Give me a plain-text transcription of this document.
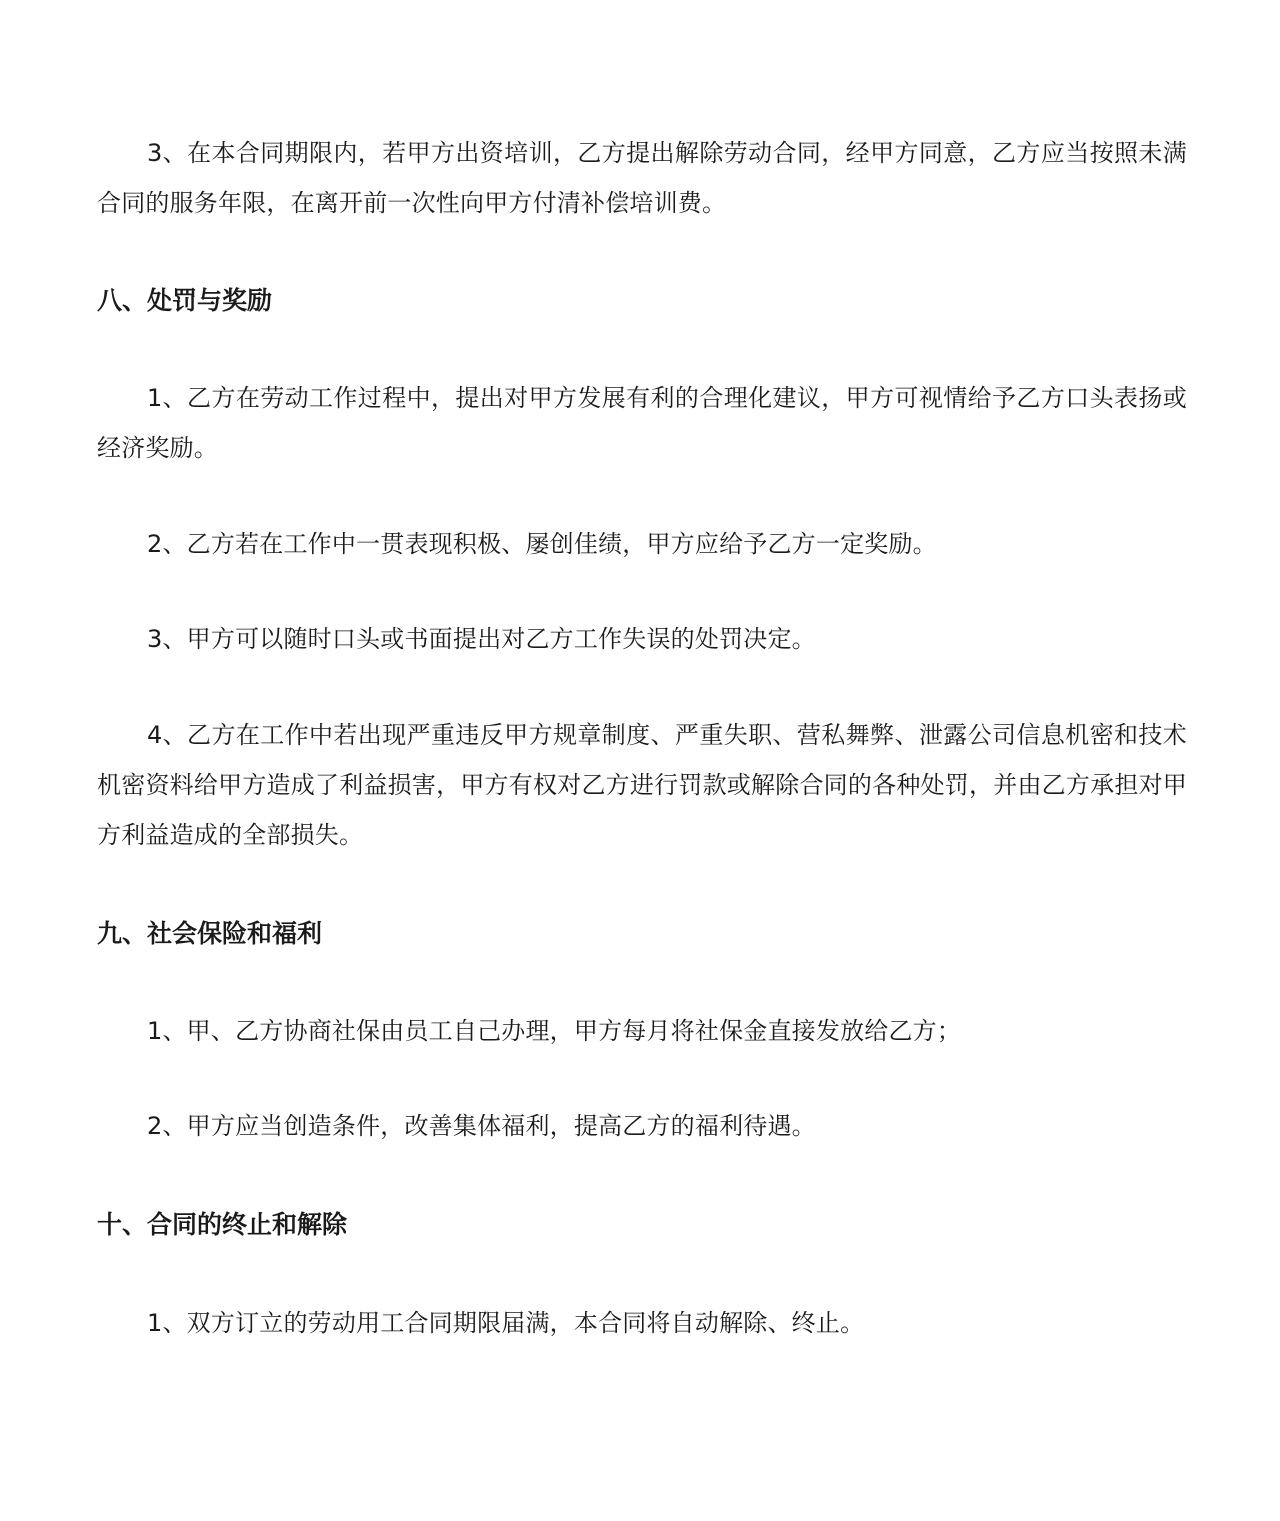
3、在本合同期限内，若甲方出资培训，乙方提出解除劳动合同，经甲方同意，乙方应当按照未满合同的服务年限，在离开前一次性向甲方付清补偿培训费。

八、处罚与奖励

1、乙方在劳动工作过程中，提出对甲方发展有利的合理化建议，甲方可视情给予乙方口头表扬或经济奖励。

2、乙方若在工作中一贯表现积极、屡创佳绩，甲方应给予乙方一定奖励。

3、甲方可以随时口头或书面提出对乙方工作失误的处罚决定。

4、乙方在工作中若出现严重违反甲方规章制度、严重失职、营私舞弊、泄露公司信息机密和技术机密资料给甲方造成了利益损害，甲方有权对乙方进行罚款或解除合同的各种处罚，并由乙方承担对甲方利益造成的全部损失。

九、社会保险和福利

1、甲、乙方协商社保由员工自己办理，甲方每月将社保金直接发放给乙方；

2、甲方应当创造条件，改善集体福利，提高乙方的福利待遇。

十、合同的终止和解除

1、双方订立的劳动用工合同期限届满，本合同将自动解除、终止。
